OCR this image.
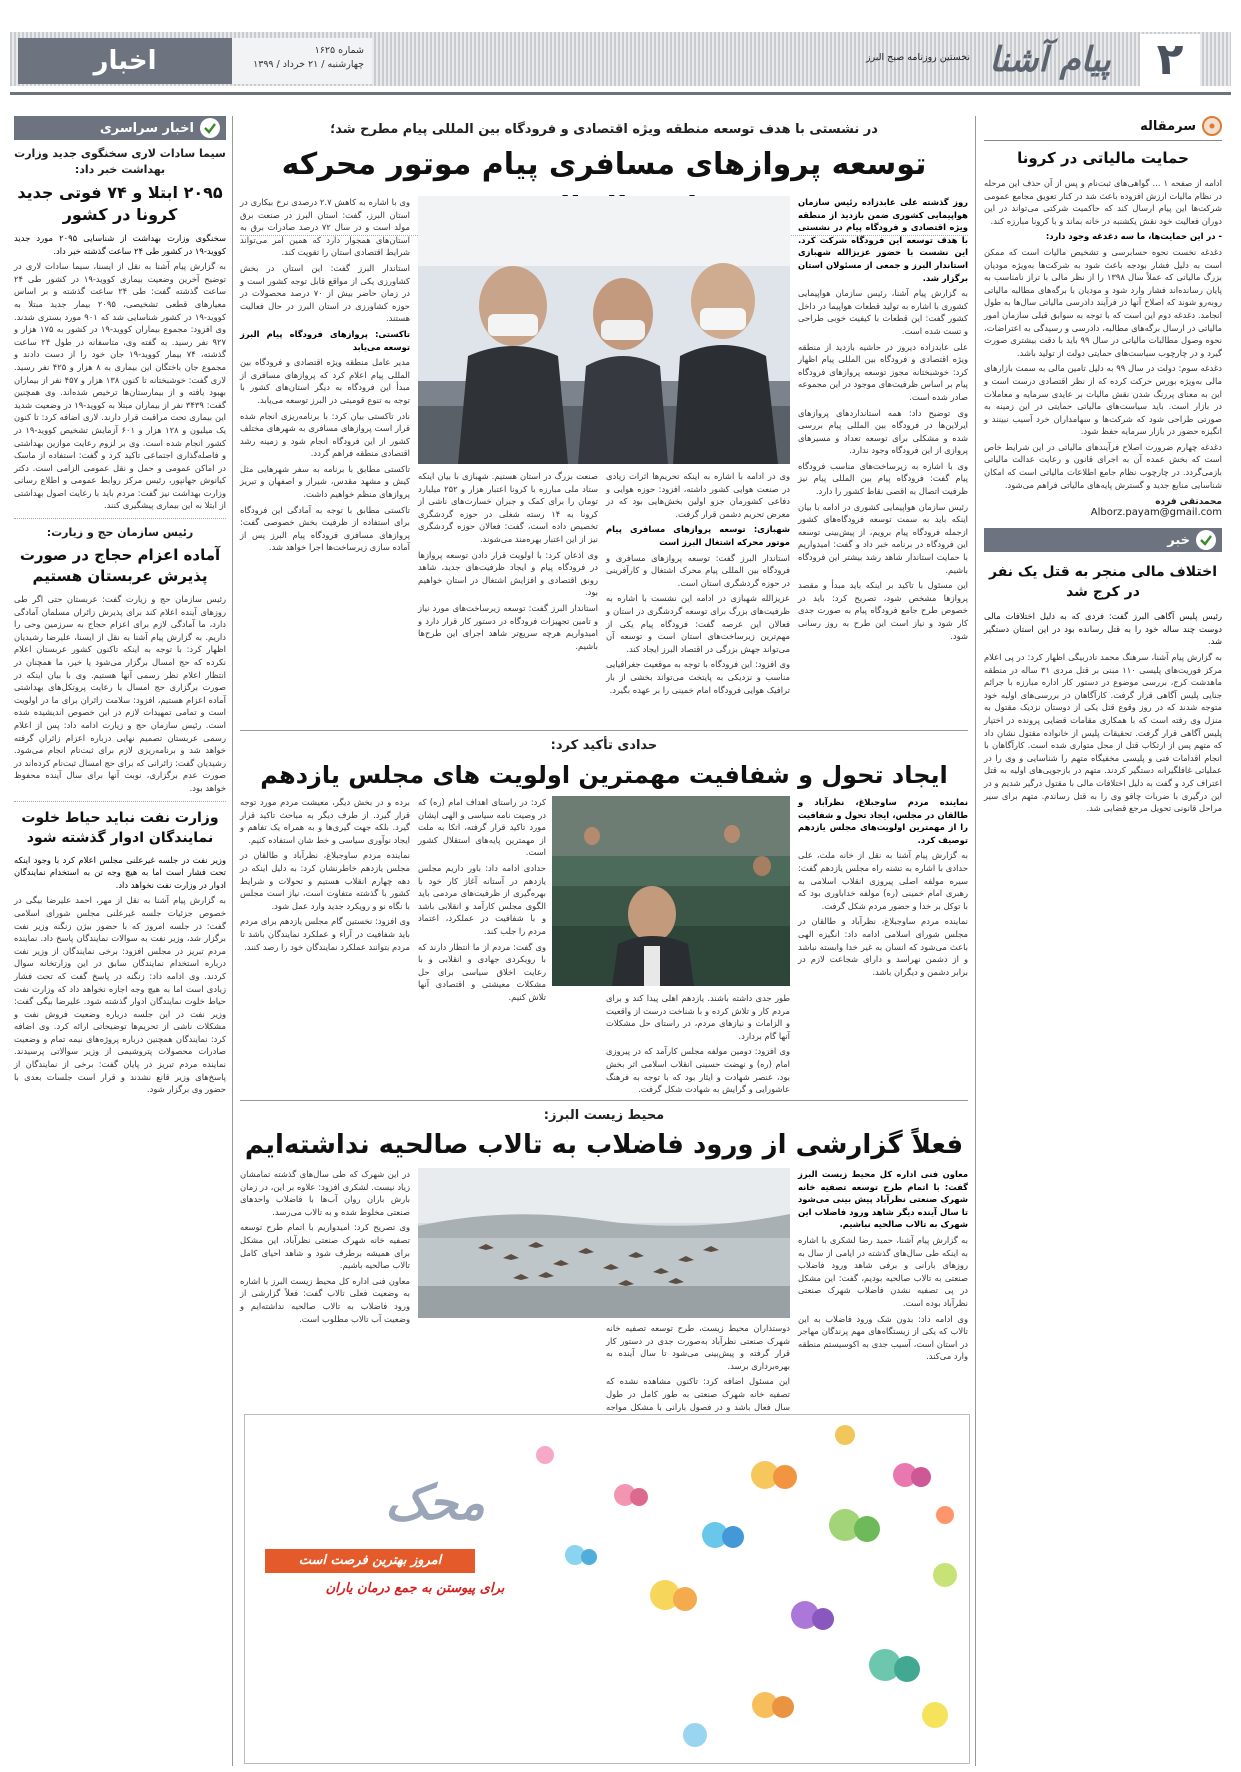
اخبار	شماره ۱۶۲۵
چهارشنبه / ۲۱ خرداد / ۱۳۹۹
نخستین روزنامه صبح البرز پیام آشنا	۲
سرمقاله
حمایت مالیاتی در کرونا

ادامه از صفحه ۱ ... گواهی‌های ثبت‌نام و پس از آن حذف این مرحله در نظام مالیات ارزش افزوده باعث شد در کنار تعویق مجامع عمومی شرکت‌ها این پیام ارسال کند که حاکمیت شرکتی می‌تواند در این دوران فعالیت خود نقش یکشنبه در خانه بماند و با کرونا مبارزه کند.

- در این حمایت‌ها، ما سه دغدغه وجود دارد:

دغدغه نخست نحوه حسابرسی و تشخیص مالیات است که ممکن است به دلیل فشار بودجه باعث شود به شرکت‌ها به‌ویژه مودیان بزرگ مالیاتی که عملاً سال ۱۳۹۸ را از نظر مالی با تراز نامناسب به پایان رسانده‌اند فشار وارد شود و مودیان با برگه‌های مطالبه مالیاتی روبه‌رو شوند که اصلاح آنها در فرآیند دادرسی مالیاتی سال‌ها به طول انجامد. دغدغه دوم این است که با توجه به سوابق قبلی سازمان امور مالیاتی در ارسال برگه‌های مطالبه، دادرسی و رسیدگی به اعتراضات، نحوه وصول مطالبات مالیاتی در سال ۹۹ باید با دقت بیشتری صورت گیرد و در چارچوب سیاست‌های حمایتی دولت از تولید باشد.

دغدغه سوم: دولت در سال ۹۹ به دلیل تامین مالی به سمت بازارهای مالی به‌ویژه بورس حرکت کرده که از نظر اقتصادی درست است و این به معنای پررنگ شدن نقش مالیات بر عایدی سرمایه و معاملات در بازار است. باید سیاست‌های مالیاتی حمایتی در این زمینه به صورتی طراحی شود که شرکت‌ها و سهامداران خرد آسیب نبینند و انگیزه حضور در بازار سرمایه حفظ شود.

دغدغه چهارم ضرورت اصلاح فرآیندهای مالیاتی در این شرایط خاص است که بخش عمده آن به اجرای قانون و رعایت عدالت مالیاتی بازمی‌گردد. در چارچوب نظام جامع اطلاعات مالیاتی است که امکان شناسایی منابع جدید و گسترش پایه‌های مالیاتی فراهم می‌شود.

محمدتقی فرده
Alborz.payam@gmail.com
خبر
اختلاف مالی منجر به قتل یک نفر در کرج شد

رئیس پلیس آگاهی البرز گفت: فردی که به دلیل اختلافات مالی دوست چند ساله خود را به قتل رسانده بود در این استان دستگیر شد.

به گزارش پیام آشنا، سرهنگ محمد نادربیگی اظهار کرد: در پی اعلام مرکز فوریت‌های پلیسی ۱۱۰ مبنی بر قتل مردی ۳۱ ساله در منطقه ماهدشت کرج، بررسی موضوع در دستور کار اداره مبارزه با جرائم جنایی پلیس آگاهی قرار گرفت. کارآگاهان در بررسی‌های اولیه خود متوجه شدند که در روز وقوع قتل یکی از دوستان نزدیک مقتول به منزل وی رفته است که با همکاری مقامات قضایی پرونده در اختیار پلیس آگاهی قرار گرفت. تحقیقات پلیس از خانواده مقتول نشان داد که متهم پس از ارتکاب قتل از محل متواری شده است. کارآگاهان با انجام اقدامات فنی و پلیسی مخفیگاه متهم را شناسایی و وی را در عملیاتی غافلگیرانه دستگیر کردند. متهم در بازجویی‌های اولیه به قتل اعتراف کرد و گفت به دلیل اختلافات مالی با مقتول درگیر شدیم و در این درگیری با ضربات چاقو وی را به قتل رساندم. متهم برای سیر مراحل قانونی تحویل مرجع قضایی شد.

در نشستی با هدف توسعه منطقه ویژه اقتصادی و فرودگاه بین المللی پیام مطرح شد؛
توسعه پروازهای مسافری پیام موتور محرکه

روز گذشته علی عابدزاده رئیس سازمان هواپیمایی کشوری ضمن بازدید از منطقه ویژه اقتصادی و فرودگاه پیام در نشستی با هدف توسعه این فرودگاه شرکت کرد. این نشست با حضور عزیزالله شهبازی استاندار البرز و جمعی از مسئولان استان برگزار شد.

به گزارش پیام آشنا، رئیس سازمان هواپیمایی کشوری با اشاره به تولید قطعات هواپیما در داخل کشور گفت: این قطعات با کیفیت خوبی طراحی و تست شده است.

علی عابدزاده دیروز در حاشیه بازدید از منطقه ویژه اقتصادی و فرودگاه بین المللی پیام اظهار کرد: خوشبختانه مجوز توسعه پروازهای فرودگاه پیام بر اساس ظرفیت‌های موجود در این مجموعه صادر شده است.

وی توضیح داد: همه استانداردهای پروازهای ایرلاین‌ها در فرودگاه بین المللی پیام بررسی شده و مشکلی برای توسعه تعداد و مسیرهای پروازی از این فرودگاه وجود ندارد.

وی با اشاره به زیرساخت‌های مناسب فرودگاه پیام گفت: فرودگاه پیام بین المللی پیام نیز ظرفیت اتصال به اقصی نقاط کشور را دارد.

رئیس سازمان هواپیمایی کشوری در ادامه با بیان اینکه باید به سمت توسعه فرودگاه‌های کشور ازجمله فرودگاه پیام برویم، از پیش‌بینی توسعه این فرودگاه در برنامه خبر داد و گفت: امیدواریم با حمایت استاندار شاهد رشد بیشتر این فرودگاه باشیم.

این مسئول با تاکید بر اینکه باید مبدأ و مقصد پروازها مشخص شود، تصریح کرد: باید در خصوص طرح جامع فرودگاه پیام به صورت جدی کار شود و نیاز است این طرح به روز رسانی شود.

وی در ادامه با اشاره به اینکه تحریم‌ها اثرات زیادی در صنعت هوایی کشور داشته، افزود: حوزه هوایی و دفاعی کشورمان جزو اولین بخش‌هایی بود که در معرض تحریم دشمن قرار گرفت.

شهبازی: توسعه پروازهای مسافری پیام موتور محرکه اشتغال البرز است

استاندار البرز گفت: توسعه پروازهای مسافری و فرودگاه بین المللی پیام محرک اشتغال و کارآفرینی در حوزه گردشگری استان است.

عزیزالله شهبازی در ادامه این نشست با اشاره به ظرفیت‌های بزرگ برای توسعه گردشگری در استان و فعالان این عرصه گفت: فرودگاه پیام یکی از مهم‌ترین زیرساخت‌های استان است و توسعه آن می‌تواند جهش بزرگی در اقتصاد البرز ایجاد کند.

وی افزود: این فرودگاه با توجه به موقعیت جغرافیایی مناسب و نزدیکی به پایتخت می‌تواند بخشی از بار ترافیک هوایی فرودگاه امام خمینی را بر عهده بگیرد.

صنعت بزرگ در استان هستیم. شهبازی با بیان اینکه ستاد ملی مبارزه با کرونا اعتبار هزار و ۲۵۲ میلیارد تومان را برای کمک و جبران خسارت‌های ناشی از کرونا به ۱۴ رسته شغلی در حوزه گردشگری تخصیص داده است، گفت: فعالان حوزه گردشگری نیز از این اعتبار بهره‌مند می‌شوند.

وی اذعان کرد: با اولویت قرار دادن توسعه پروازها در فرودگاه پیام و ایجاد ظرفیت‌های جدید، شاهد رونق اقتصادی و افزایش اشتغال در استان خواهیم بود.

استاندار البرز گفت: توسعه زیرساخت‌های مورد نیاز و تامین تجهیزات فرودگاه در دستور کار قرار دارد و امیدواریم هرچه سریع‌تر شاهد اجرای این طرح‌ها باشیم.

وی با اشاره به کاهش ۲.۷ درصدی نرخ بیکاری در استان البرز، گفت: استان البرز در صنعت برق مولد است و در سال ۷۲ درصد صادرات برق به استان‌های همجوار دارد که همین امر می‌تواند شرایط اقتصادی استان را تقویت کند.

استاندار البرز گفت: این استان در بخش کشاورزی یکی از مواقع قابل توجه کشور است و در زمان حاضر بیش از ۷۰ درصد محصولات در حوزه کشاورزی در استان البرز در حال فعالیت هستند.

تاکستی: پروازهای فرودگاه پیام البرز توسعه می‌یابد

مدیر عامل منطقه ویژه اقتصادی و فرودگاه بین المللی پیام اعلام کرد که پروازهای مسافری از مبدأ این فرودگاه به دیگر استان‌های کشور با توجه به تنوع قومیتی در البرز توسعه می‌یابد.

نادر تاکستی بیان کرد: با برنامه‌ریزی انجام شده قرار است پروازهای مسافری به شهرهای مختلف کشور از این فرودگاه انجام شود و زمینه رشد اقتصادی منطقه فراهم گردد.

تاکستی مطابق با برنامه به سفر شهرهایی مثل کیش و مشهد مقدس، شیراز و اصفهان و تبریز پروازهای منظم خواهیم داشت.

تاکستی مطابق با توجه به آمادگی این فرودگاه برای استفاده از ظرفیت بخش خصوصی گفت: پروازهای مسافری فرودگاه پیام البرز پس از آماده سازی زیرساخت‌ها اجرا خواهد شد.

حدادی تأکید کرد:
ایجاد تحول و شفافیت مهمترین اولویت های مجلس یازدهم

نماینده مردم ساوجبلاغ، نظرآباد و طالقان در مجلس، ایجاد تحول و شفافیت را از مهمترین اولویت‌های مجلس یازدهم توصیف کرد.

به گزارش پیام آشنا به نقل از خانه ملت، علی حدادی با اشاره به تشنه راه مجلس یازدهم گفت: سیره مولفه اصلی پیروزی انقلاب اسلامی به رهبری امام خمینی (ره) مولفه خداباوری بود که با توکل بر خدا و حضور مردم شکل گرفت.

نماینده مردم ساوجبلاغ، نظرآباد و طالقان در مجلس شورای اسلامی ادامه داد: انگیزه الهی باعث می‌شود که انسان به غیر خدا وابسته نباشد و از دشمن نهراسد و دارای شجاعت لازم در برابر دشمن و دیگران باشد.

طور جدی داشته باشند. یازدهم اهلی پیدا کند و برای مردم کار و تلاش کرده و با شناخت درست از واقعیت و الزامات و نیازهای مردم، در راستای حل مشکلات آنها گام بردارد.

وی افزود: دومین مولفه مجلس کارآمد که در پیروزی امام (ره) و نهضت حسینی انقلاب اسلامی اثر بخش بود، عنصر شهادت و ایثار بود که با توجه به فرهنگ عاشورایی و گرایش به شهادت شکل گرفت.

کرد: در راستای اهداف امام (ره) که در وصیت نامه سیاسی و الهی ایشان مورد تاکید قرار گرفته، اتکا به ملت از مهمترین پایه‌های استقلال کشور است.

حدادی ادامه داد: باور داریم مجلس یازدهم در آستانه آغاز کار خود با بهره‌گیری از ظرفیت‌های مردمی باید الگوی مجلس کارآمد و انقلابی باشد و با شفافیت در عملکرد، اعتماد مردم را جلب کند.

وی گفت: مردم از ما انتظار دارند که با رویکردی جهادی و انقلابی و با رعایت اخلاق سیاسی برای حل مشکلات معیشتی و اقتصادی آنها تلاش کنیم.

برده و در بخش دیگر، معیشت مردم مورد توجه قرار گیرد. از طرف دیگر به مباحث تاکید قرار گیرد. بلکه جهت گیری‌ها و به همراه یک تفاهم و ایجاد نوآوری سیاسی و خط شان استفاده کنیم.

نماینده مردم ساوجبلاغ، نظرآباد و طالقان در مجلس یازدهم خاطرنشان کرد: به دلیل اینکه در دهه چهارم انقلاب هستیم و تحولات و شرایط کشور با گذشته متفاوت است، نیاز است مجلس با نگاه نو و رویکرد جدید وارد عمل شود.

وی افزود: نخستین گام مجلس یازدهم برای مردم باید شفافیت در آراء و عملکرد نمایندگان باشد تا مردم بتوانند عملکرد نمایندگان خود را رصد کنند.

محیط زیست البرز:
فعلاً گزارشی از ورود فاضلاب به تالاب صالحیه نداشته‌ایم

معاون فنی اداره کل محیط زیست البرز گفت: با اتمام طرح توسعه تصفیه خانه شهرک صنعتی نظرآباد پیش بینی می‌شود تا سال آینده دیگر شاهد ورود فاضلاب این شهرک به تالاب صالحیه نباشیم.

به گزارش پیام آشنا، حمید رضا لشکری با اشاره به اینکه طی سال‌های گذشته در ایامی از سال به روزهای بارانی و برفی شاهد ورود فاضلاب صنعتی به تالاب صالحیه بودیم، گفت: این مشکل در پی تصفیه نشدن فاضلاب شهرک صنعتی نظرآباد بوده است.

وی ادامه داد: بدون شک ورود فاضلاب به این تالاب که یکی از زیستگاه‌های مهم پرندگان مهاجر در استان است، آسیب جدی به اکوسیستم منطقه وارد می‌کند.

دوستداران محیط زیست، طرح توسعه تصفیه خانه شهرک صنعتی نظرآباد به‌صورت جدی در دستور کار قرار گرفته و پیش‌بینی می‌شود تا سال آینده به بهره‌برداری برسد.

این مسئول اضافه کرد: تاکنون مشاهده نشده که تصفیه خانه شهرک صنعتی به طور کامل در طول سال فعال باشد و در فصول بارانی با مشکل مواجه

در این شهرک که طی سال‌های گذشته تمامشان زیاد نیست. لشکری افزود: علاوه بر این، در زمان بارش باران روان آب‌ها با فاضلاب واحدهای صنعتی مخلوط شده و به تالاب می‌رسد.

وی تصریح کرد: امیدواریم با اتمام طرح توسعه تصفیه خانه شهرک صنعتی نظرآباد، این مشکل برای همیشه برطرف شود و شاهد احیای کامل تالاب صالحیه باشیم.

معاون فنی اداره کل محیط زیست البرز با اشاره به وضعیت فعلی تالاب گفت: فعلاً گزارشی از ورود فاضلاب به تالاب صالحیه نداشته‌ایم و وضعیت آب تالاب مطلوب است.

محک
امروز بهترین فرصت است
برای پیوستن به جمع درمان یاران
اخبار سراسری
سیما سادات لاری سخنگوی جدید وزارت بهداشت خبر داد:
۲۰۹۵ ابتلا و ۷۴ فوتی جدید کرونا در کشور

سخنگوی وزارت بهداشت از شناسایی ۲۰۹۵ مورد جدید کووید-۱۹ در کشور طی ۲۴ ساعت گذشته خبر داد.

به گزارش پیام آشنا به نقل از ایسنا، سیما سادات لاری در توضیح آخرین وضعیت بیماری کووید-۱۹ در کشور طی ۲۴ ساعت گذشته گفت: طی ۲۴ ساعت گذشته و بر اساس معیارهای قطعی تشخیصی، ۲۰۹۵ بیمار جدید مبتلا به کووید-۱۹ در کشور شناسایی شد که ۹۰۱ مورد بستری شدند. وی افزود: مجموع بیماران کووید-۱۹ در کشور به ۱۷۵ هزار و ۹۲۷ نفر رسید. به گفته وی، متاسفانه در طول ۲۴ ساعت گذشته، ۷۴ بیمار کووید-۱۹ جان خود را از دست دادند و مجموع جان باختگان این بیماری به ۸ هزار و ۴۲۵ نفر رسید. لاری گفت: خوشبختانه تا کنون ۱۳۸ هزار و ۴۵۷ نفر از بیماران بهبود یافته و از بیمارستان‌ها ترخیص شده‌اند. وی همچنین گفت: ۳۴۳۹ نفر از بیماران مبتلا به کووید-۱۹ در وضعیت شدید این بیماری تحت مراقبت قرار دارند. لاری اضافه کرد: تا کنون یک میلیون و ۱۲۸ هزار و ۶۰۱ آزمایش تشخیص کووید-۱۹ در کشور انجام شده است. وی بر لزوم رعایت موازین بهداشتی و فاصله‌گذاری اجتماعی تاکید کرد و گفت: استفاده از ماسک در اماکن عمومی و حمل و نقل عمومی الزامی است. دکتر کیانوش جهانپور، رئیس مرکز روابط عمومی و اطلاع رسانی وزارت بهداشت نیز گفت: مردم باید با رعایت اصول بهداشتی از ابتلا به این بیماری پیشگیری کنند.

رئیس سازمان حج و زیارت:
آماده اعزام حجاج در صورت پذیرش عربستان هستیم

رئیس سازمان حج و زیارت گفت: عربستان حتی اگر طی روزهای آینده اعلام کند برای پذیرش زائران مسلمان آمادگی دارد، ما آمادگی لازم برای اعزام حجاج به سرزمین وحی را داریم. به گزارش پیام آشنا به نقل از ایسنا، علیرضا رشیدیان اظهار کرد: با توجه به اینکه تاکنون کشور عربستان اعلام نکرده که حج امسال برگزار می‌شود یا خیر، ما همچنان در انتظار اعلام نظر رسمی آنها هستیم. وی با بیان اینکه در صورت برگزاری حج امسال با رعایت پروتکل‌های بهداشتی آماده اعزام هستیم، افزود: سلامت زائران برای ما در اولویت است و تمامی تمهیدات لازم در این خصوص اندیشیده شده است. رئیس سازمان حج و زیارت ادامه داد: پس از اعلام رسمی عربستان تصمیم نهایی درباره اعزام زائران گرفته خواهد شد و برنامه‌ریزی لازم برای ثبت‌نام انجام می‌شود. رشیدیان گفت: زائرانی که برای حج امسال ثبت‌نام کرده‌اند در صورت عدم برگزاری، نوبت آنها برای سال آینده محفوظ خواهد بود.

وزارت نفت نباید حیاط خلوت نمایندگان ادوار گذشته شود

وزیر نفت در جلسه غیرعلنی مجلس اعلام کرد با وجود اینکه تحت فشار است اما به هیچ وجه تن به استخدام نمایندگان ادوار در وزارت نفت نخواهد داد.

به گزارش پیام آشنا به نقل از مهر، احمد علیرضا بیگی در خصوص جزئیات جلسه غیرعلنی مجلس شورای اسلامی گفت: در جلسه امروز که با حضور بیژن زنگنه وزیر نفت برگزار شد، وزیر نفت به سوالات نمایندگان پاسخ داد. نماینده مردم تبریز در مجلس افزود: برخی نمایندگان از وزیر نفت درباره استخدام نمایندگان سابق در این وزارتخانه سوال کردند. وی ادامه داد: زنگنه در پاسخ گفت که تحت فشار زیادی است اما به هیچ وجه اجازه نخواهد داد که وزارت نفت حیاط خلوت نمایندگان ادوار گذشته شود. علیرضا بیگی گفت: وزیر نفت در این جلسه درباره وضعیت فروش نفت و مشکلات ناشی از تحریم‌ها توضیحاتی ارائه کرد. وی اضافه کرد: نمایندگان همچنین درباره پروژه‌های نیمه تمام و وضعیت صادرات محصولات پتروشیمی از وزیر سوالاتی پرسیدند. نماینده مردم تبریز در پایان گفت: برخی از نمایندگان از پاسخ‌های وزیر قانع نشدند و قرار است جلسات بعدی با حضور وی برگزار شود.
